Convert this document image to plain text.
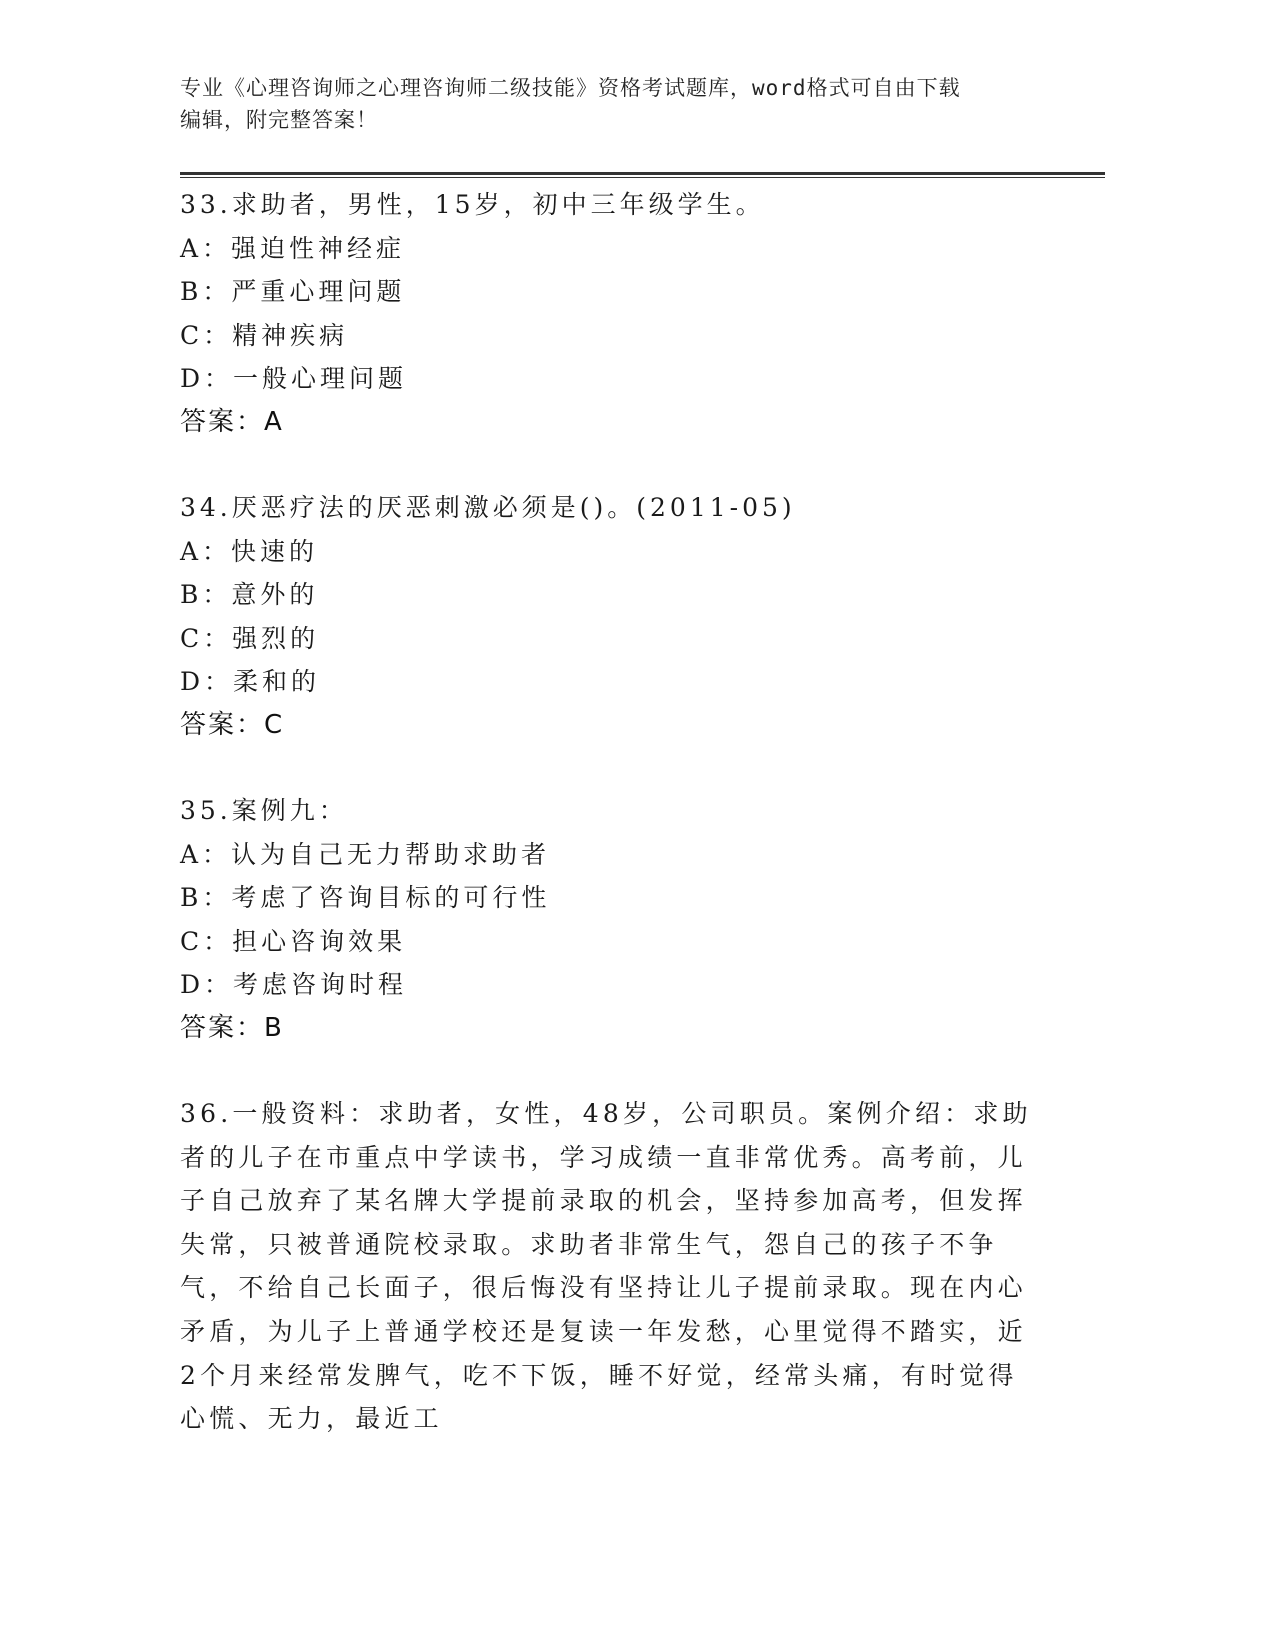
专业《心理咨询师之心理咨询师二级技能》资格考试题库，word格式可自由下载
编辑，附完整答案！
33.求助者，男性，15岁，初中三年级学生。
A：强迫性神经症
B：严重心理问题
C：精神疾病
D：一般心理问题
答案：A
34.厌恶疗法的厌恶刺激必须是()。(2011-05)
A：快速的
B：意外的
C：强烈的
D：柔和的
答案：C
35.案例九：
A：认为自己无力帮助求助者
B：考虑了咨询目标的可行性
C：担心咨询效果
D：考虑咨询时程
答案：B
36.一般资料：求助者，女性，48岁，公司职员。案例介绍：求助者的儿子在市重点中学读书，学习成绩一直非常优秀。高考前，儿子自己放弃了某名牌大学提前录取的机会，坚持参加高考，但发挥失常，只被普通院校录取。求助者非常生气，怨自己的孩子不争气，不给自己长面子，很后悔没有坚持让儿子提前录取。现在内心矛盾，为儿子上普通学校还是复读一年发愁，心里觉得不踏实，近2个月来经常发脾气，吃不下饭，睡不好觉，经常头痛，有时觉得心慌、无力，最近工
